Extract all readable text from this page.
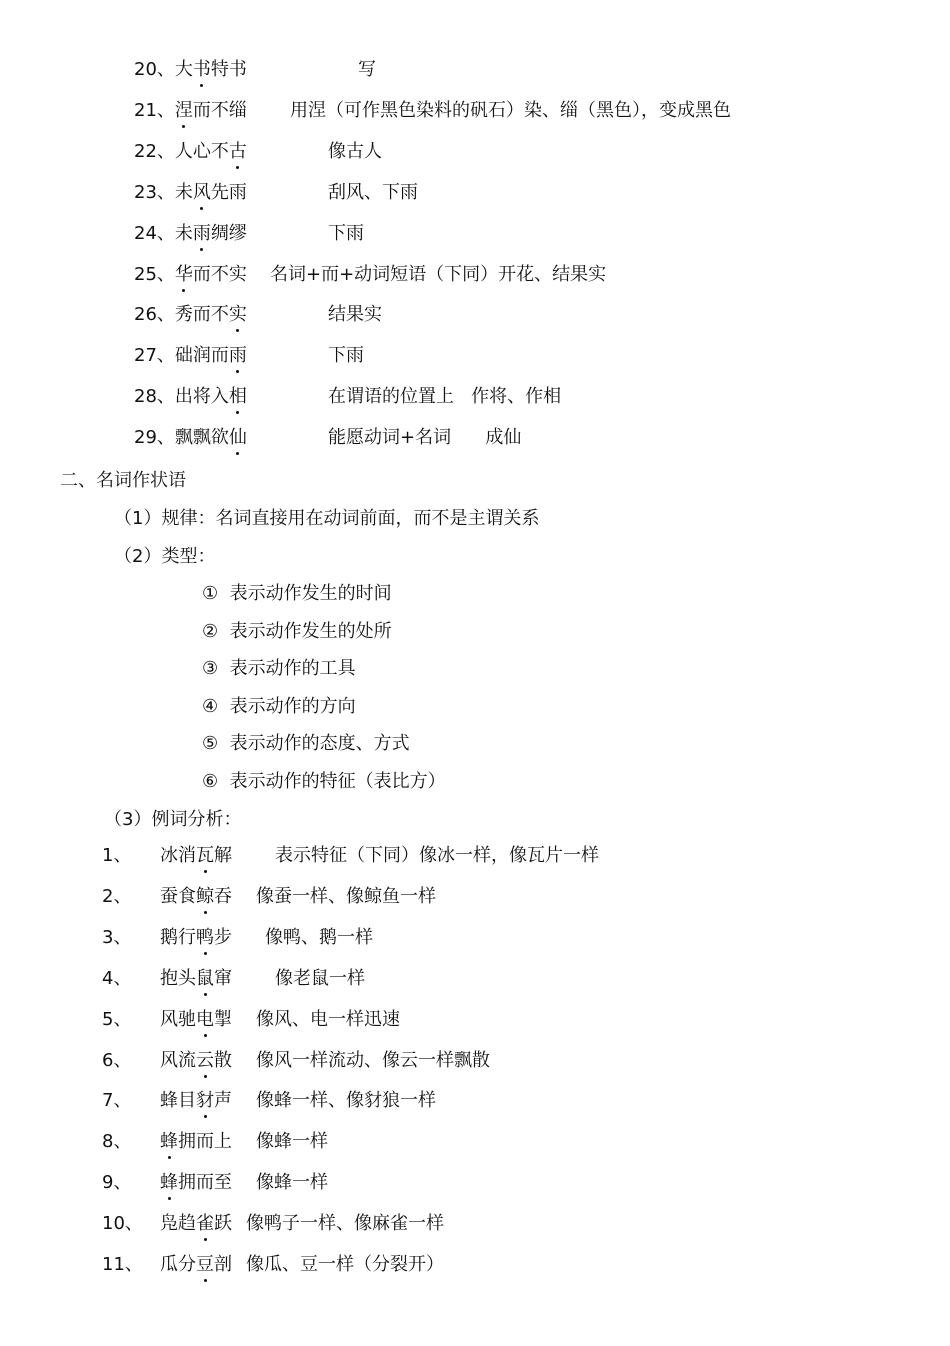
20、大书特书	写
21、涅而不缁 用涅（可作黑色染料的矾石）染、缁（黑色），变成黑色
22、人心不古	像古人
23、未风先雨	刮风、下雨
24、未雨绸缪	下雨
25、华而不实 名词+而+动词短语（下同）开花、结果实
26、秀而不实	结果实
27、础润而雨	下雨
28、出将入相	在谓语的位置上   作将、作相
29、飘飘欲仙	能愿动词+名词      成仙
二、名词作状语
（1）规律：名词直接用在动词前面，而不是主谓关系
（2）类型：
①  表示动作发生的时间
②  表示动作发生的处所
③  表示动作的工具
④  表示动作的方向
⑤  表示动作的态度、方式
⑥  表示动作的特征（表比方）
（3）例词分析：
1、 冰消瓦解 表示特征（下同）像冰一样，像瓦片一样
2、 蚕食鲸吞 像蚕一样、像鲸鱼一样
3、 鹅行鸭步 像鸭、鹅一样
4、 抱头鼠窜 像老鼠一样
5、 风驰电掣 像风、电一样迅速
6、 风流云散 像风一样流动、像云一样飘散
7、 蜂目豺声 像蜂一样、像豺狼一样
8、 蜂拥而上 像蜂一样
9、 蜂拥而至 像蜂一样
10、 凫趋雀跃 像鸭子一样、像麻雀一样
11、 瓜分豆剖 像瓜、豆一样（分裂开）
